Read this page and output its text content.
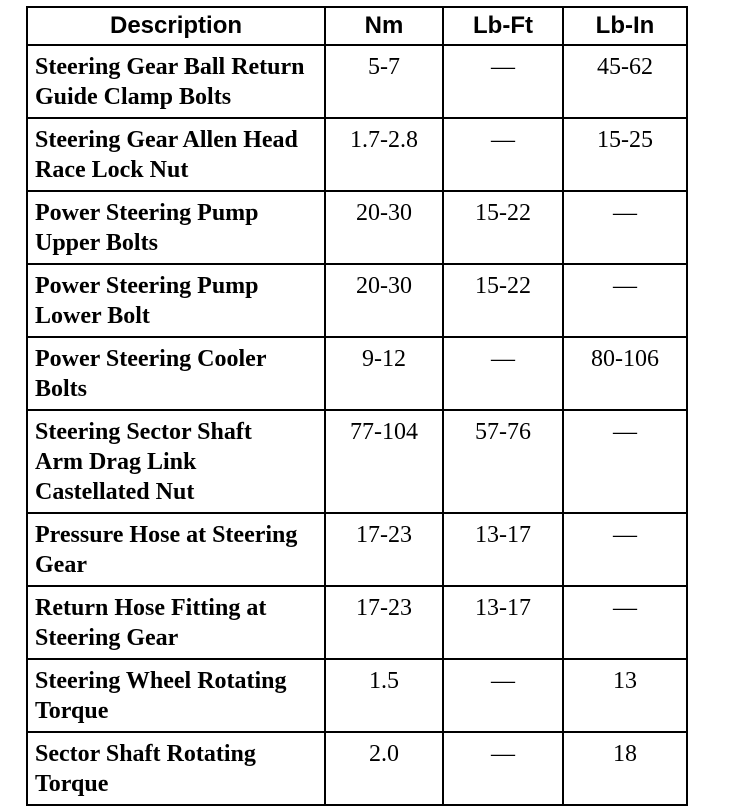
Description	Nm	Lb-Ft	Lb-In
Steering Gear Ball Return
Guide Clamp Bolts	5-7	—	45-62
Steering Gear Allen Head
Race Lock Nut	1.7-2.8	—	15-25
Power Steering Pump
Upper Bolts	20-30	15-22	—
Power Steering Pump
Lower Bolt	20-30	15-22	—
Power Steering Cooler
Bolts	9-12	—	80-106
Steering Sector Shaft
Arm Drag Link
Castellated Nut	77-104	57-76	—
Pressure Hose at Steering
Gear	17-23	13-17	—
Return Hose Fitting at
Steering Gear	17-23	13-17	—
Steering Wheel Rotating
Torque	1.5	—	13
Sector Shaft Rotating
Torque	2.0	—	18
